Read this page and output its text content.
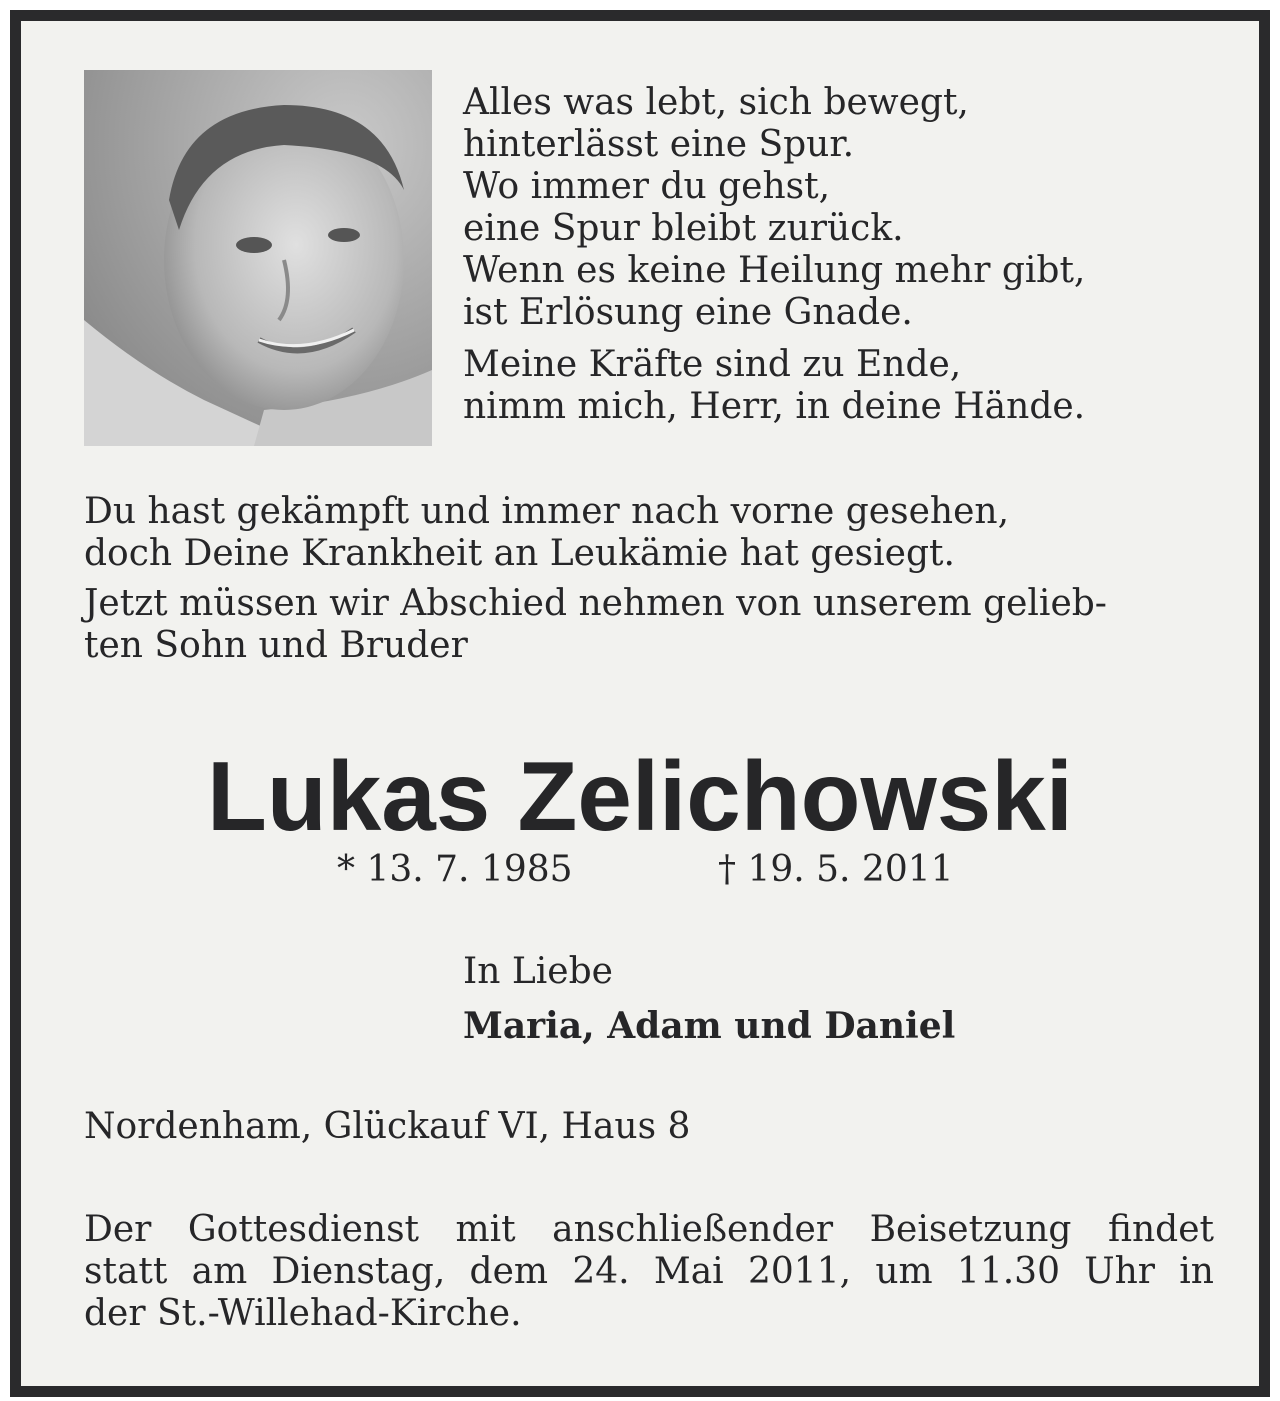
Alles was lebt, sich bewegt,
hinterlässt eine Spur.
Wo immer du gehst,
eine Spur bleibt zurück.
Wenn es keine Heilung mehr gibt,
ist Erlösung eine Gnade.
Meine Kräfte sind zu Ende,
nimm mich, Herr, in deine Hände.
Du hast gekämpft und immer nach vorne gesehen,
doch Deine Krankheit an Leukämie hat gesiegt.
Jetzt müssen wir Abschied nehmen von unserem gelieb-
ten Sohn und Bruder
Lukas Zelichowski
* 13. 7. 1985	† 19. 5. 2011
In Liebe
Maria, Adam und Daniel
Nordenham, Glückauf VI, Haus 8
Der Gottesdienst mit anschließender Beisetzung findet
statt am Dienstag, dem 24. Mai 2011, um 11.30 Uhr in
der St.-Willehad-Kirche.
